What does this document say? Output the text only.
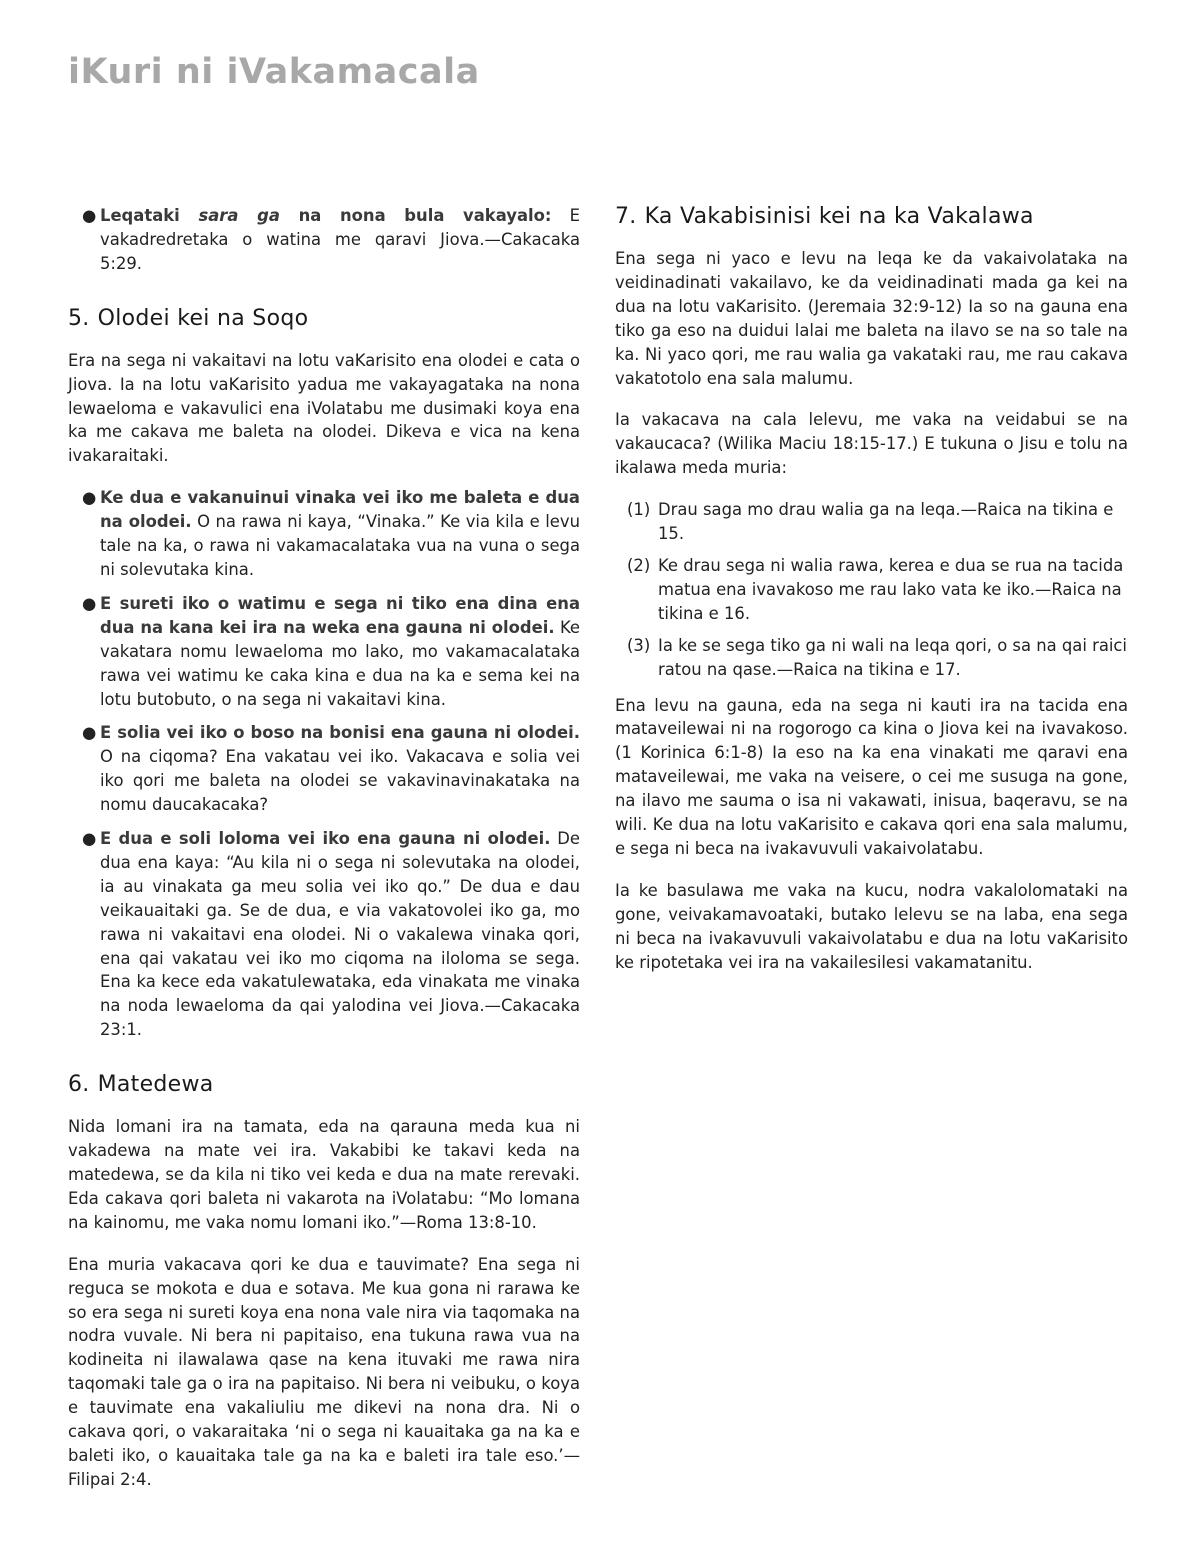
iKuri ni iVakamacala
● Leqataki sara ga na nona bula vakayalo: E vakadredretaka o watina me qaravi Jiova.—Cakacaka 5:29.
5. Olodei kei na Soqo

Era na sega ni vakaitavi na lotu vaKarisito ena olodei e cata o Jiova. Ia na lotu vaKarisito yadua me vakayagataka na nona lewaeloma e vakavulici ena iVolatabu me dusimaki koya ena ka me cakava me baleta na olodei. Dikeva e vica na kena ivakaraitaki.

● Ke dua e vakanuinui vinaka vei iko me baleta e dua na olodei. O na rawa ni kaya, “Vinaka.” Ke via kila e levu tale na ka, o rawa ni vakamacalataka vua na vuna o sega ni solevutaka kina.
● E sureti iko o watimu e sega ni tiko ena dina ena dua na kana kei ira na weka ena gauna ni olodei. Ke vakatara nomu lewaeloma mo lako, mo vakamacalataka rawa vei watimu ke caka kina e dua na ka e sema kei na lotu butobuto, o na sega ni vakaitavi kina.
● E solia vei iko o boso na bonisi ena gauna ni olodei. O na ciqoma? Ena vakatau vei iko. Vakacava e solia vei iko qori me baleta na olodei se vakavinavinakataka na nomu daucakacaka?
● E dua e soli loloma vei iko ena gauna ni olodei. De dua ena kaya: “Au kila ni o sega ni solevutaka na olodei, ia au vinakata ga meu solia vei iko qo.” De dua e dau veikauaitaki ga. Se de dua, e via vakatovolei iko ga, mo rawa ni vakaitavi ena olodei. Ni o vakalewa vinaka qori, ena qai vakatau vei iko mo ciqoma na iloloma se sega. Ena ka kece eda vakatulewataka, eda vinakata me vinaka na noda lewaeloma da qai yalodina vei Jiova.—Cakacaka 23:1.
6. Matedewa

Nida lomani ira na tamata, eda na qarauna meda kua ni vakadewa na mate vei ira. Vakabibi ke takavi keda na matedewa, se da kila ni tiko vei keda e dua na mate rerevaki. Eda cakava qori baleta ni vakarota na iVolatabu: “Mo lomana na kainomu, me vaka nomu lomani iko.”—Roma 13:8-10.

Ena muria vakacava qori ke dua e tauvimate? Ena sega ni reguca se mokota e dua e sotava. Me kua gona ni rarawa ke so era sega ni sureti koya ena nona vale nira via taqomaka na nodra vuvale. Ni bera ni papitaiso, ena tukuna rawa vua na kodineita ni ilawalawa qase na kena ituvaki me rawa nira taqomaki tale ga o ira na papitaiso. Ni bera ni veibuku, o koya e tauvimate ena vakaliuliu me dikevi na nona dra. Ni o cakava qori, o vakaraitaka ‘ni o sega ni kauaitaka ga na ka e baleti iko, o kauaitaka tale ga na ka e baleti ira tale eso.’—Filipai 2:4.

7. Ka Vakabisinisi kei na ka Vakalawa

Ena sega ni yaco e levu na leqa ke da vakaivolataka na veidinadinati vakailavo, ke da veidinadinati mada ga kei na dua na lotu vaKarisito. (Jeremaia 32:9-12) Ia so na gauna ena tiko ga eso na duidui lalai me baleta na ilavo se na so tale na ka. Ni yaco qori, me rau walia ga vakataki rau, me rau cakava vakatotolo ena sala malumu.

Ia vakacava na cala lelevu, me vaka na veidabui se na vakaucaca? (Wilika Maciu 18:15-17.) E tukuna o Jisu e tolu na ikalawa meda muria:

(1) Drau saga mo drau walia ga na leqa.—Raica na tikina e 15.
(2) Ke drau sega ni walia rawa, kerea e dua se rua na tacida matua ena ivavakoso me rau lako vata ke iko.—Raica na tikina e 16.
(3) Ia ke se sega tiko ga ni wali na leqa qori, o sa na qai raici ratou na qase.—Raica na tikina e 17.

Ena levu na gauna, eda na sega ni kauti ira na tacida ena mataveilewai ni na rogorogo ca kina o Jiova kei na ivavakoso. (1 Korinica 6:1-8) Ia eso na ka ena vinakati me qaravi ena mataveilewai, me vaka na veisere, o cei me susuga na gone, na ilavo me sauma o isa ni vakawati, inisua, baqeravu, se na wili. Ke dua na lotu vaKarisito e cakava qori ena sala malumu, e sega ni beca na ivakavuvuli vakaivolatabu.

Ia ke basulawa me vaka na kucu, nodra vakalolomataki na gone, veivakamavoataki, butako lelevu se na laba, ena sega ni beca na ivakavuvuli vakaivolatabu e dua na lotu vaKarisito ke ripotetaka vei ira na vakailesilesi vakamatanitu.
